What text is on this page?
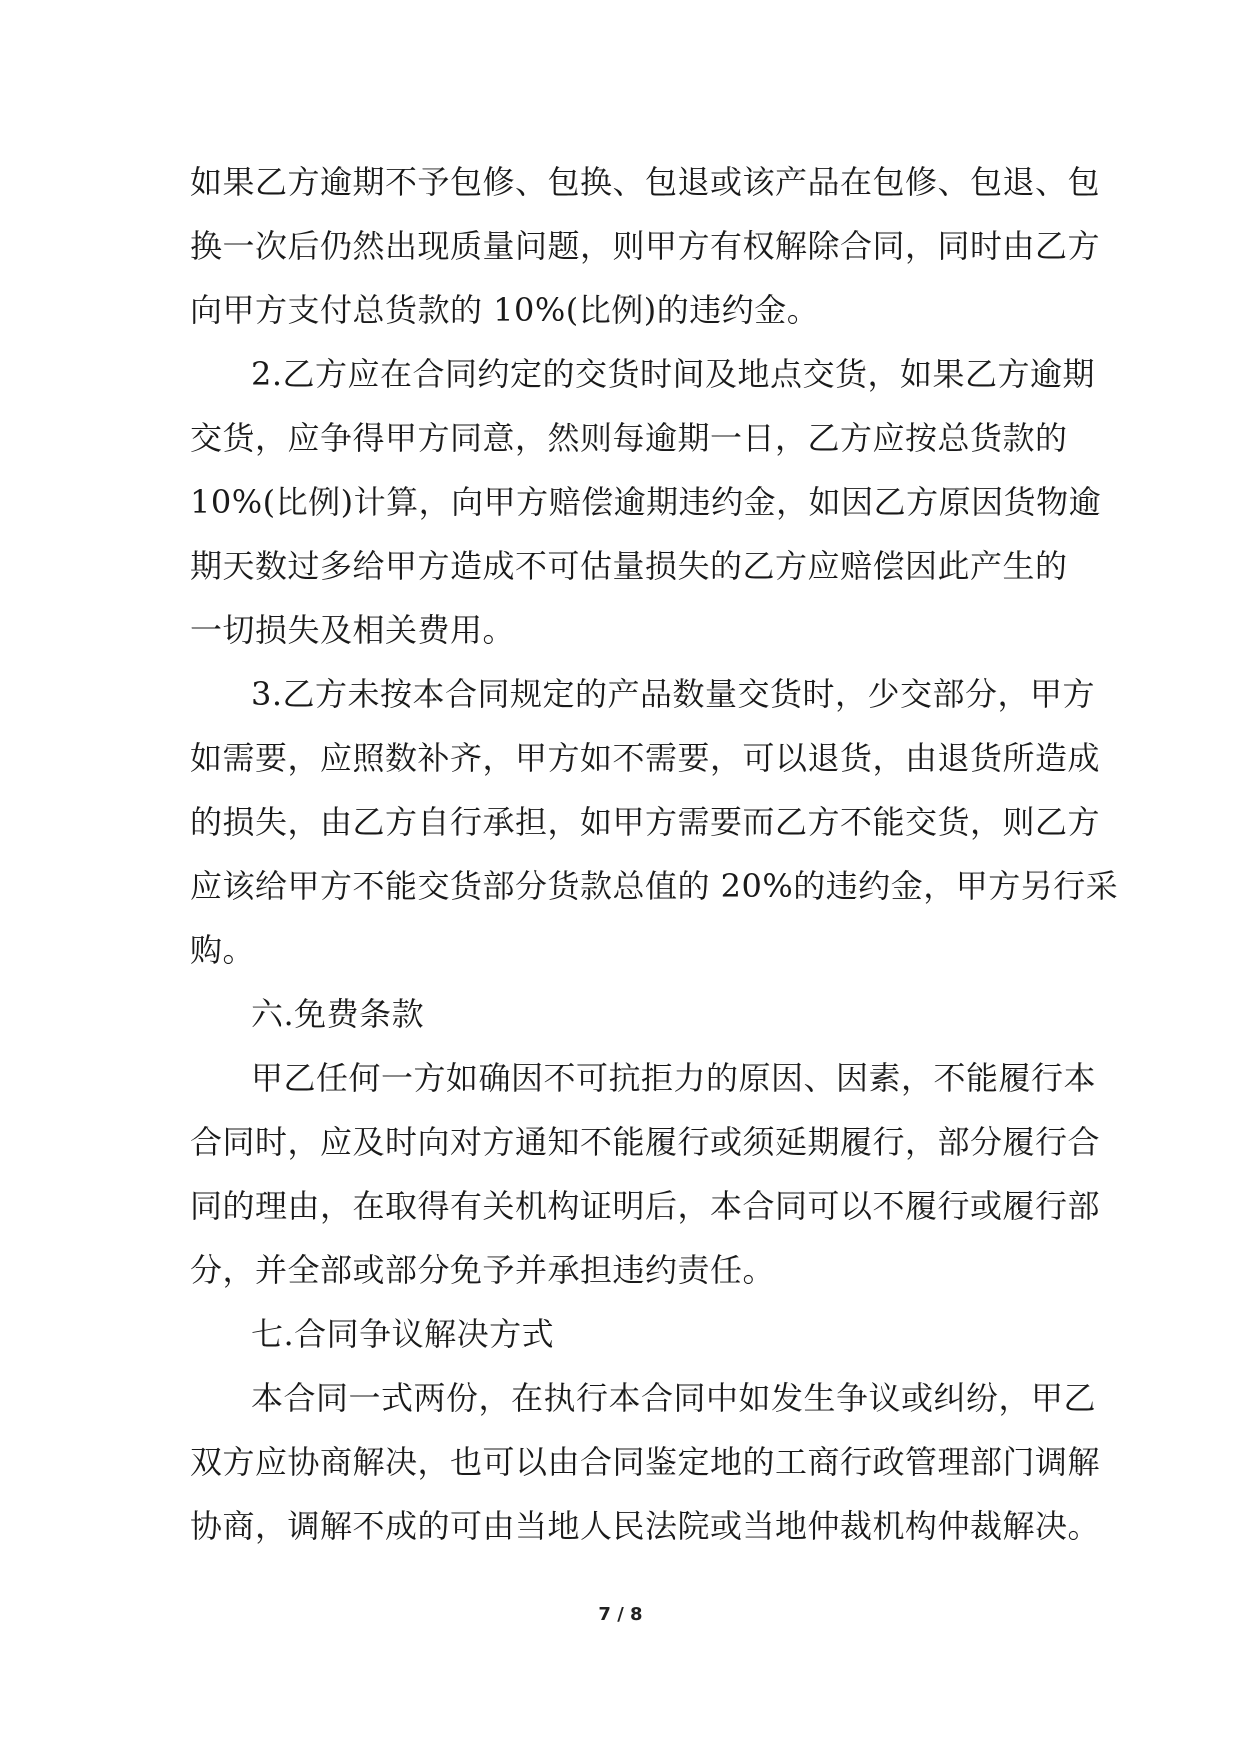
如果乙方逾期不予包修、包换、包退或该产品在包修、包退、包
换一次后仍然出现质量问题，则甲方有权解除合同，同时由乙方
向甲方支付总货款的 10%(比例)的违约金。
2.乙方应在合同约定的交货时间及地点交货，如果乙方逾期
交货，应争得甲方同意，然则每逾期一日，乙方应按总货款的
10%(比例)计算，向甲方赔偿逾期违约金，如因乙方原因货物逾
期天数过多给甲方造成不可估量损失的乙方应赔偿因此产生的
一切损失及相关费用。
3.乙方未按本合同规定的产品数量交货时，少交部分，甲方
如需要，应照数补齐，甲方如不需要，可以退货，由退货所造成
的损失，由乙方自行承担，如甲方需要而乙方不能交货，则乙方
应该给甲方不能交货部分货款总值的 20%的违约金，甲方另行采
购。
六.免费条款
甲乙任何一方如确因不可抗拒力的原因、因素，不能履行本
合同时，应及时向对方通知不能履行或须延期履行，部分履行合
同的理由，在取得有关机构证明后，本合同可以不履行或履行部
分，并全部或部分免予并承担违约责任。
七.合同争议解决方式
本合同一式两份，在执行本合同中如发生争议或纠纷，甲乙
双方应协商解决，也可以由合同鉴定地的工商行政管理部门调解
协商，调解不成的可由当地人民法院或当地仲裁机构仲裁解决。
7 / 8
